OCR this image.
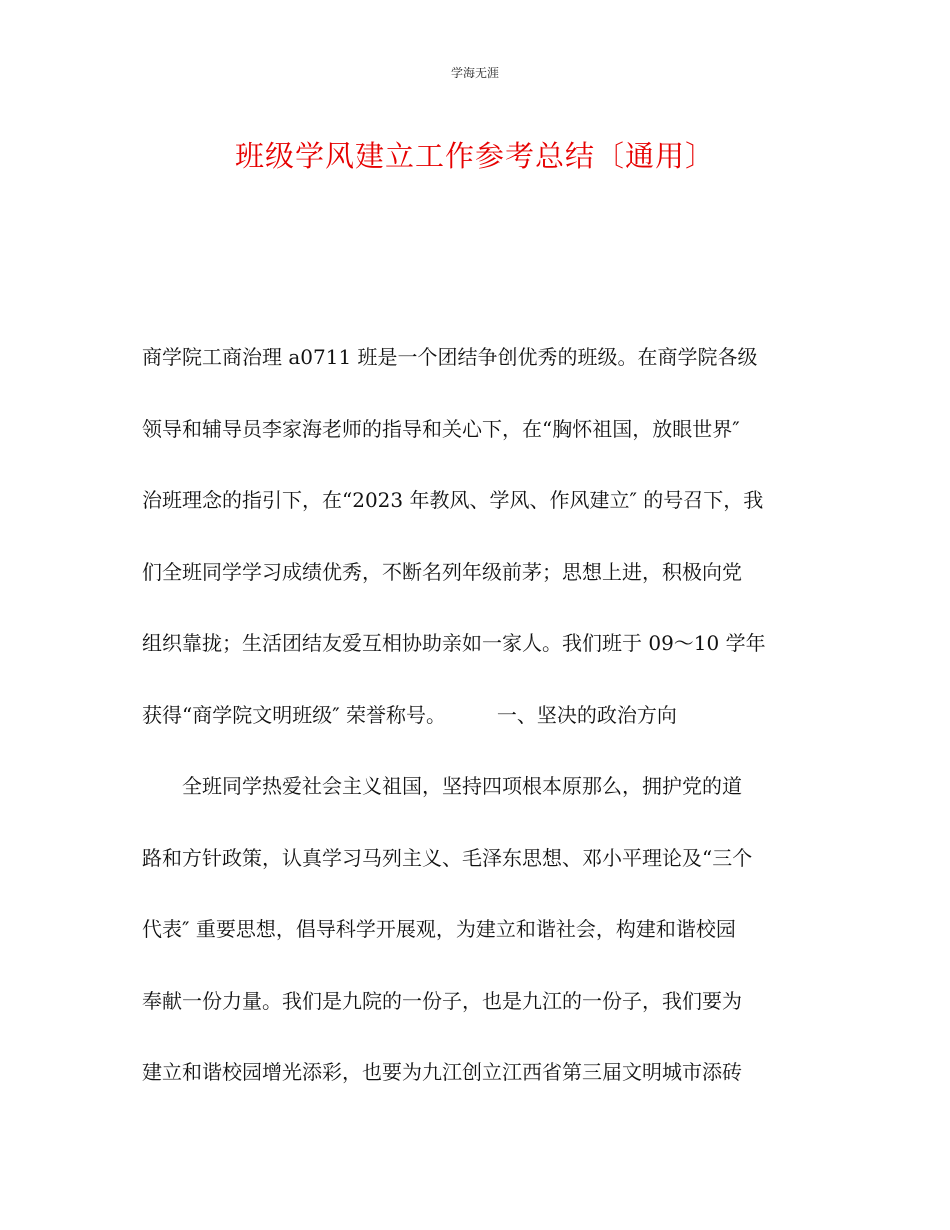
学海无涯
班级学风建立工作参考总结〔通用〕
商学院工商治理 a0711 班是一个团结争创优秀的班级。在商学院各级
领导和辅导员李家海老师的指导和关心下，在“胸怀祖国，放眼世界″
治班理念的指引下，在“2023 年教风、学风、作风建立″ 的号召下，我
们全班同学学习成绩优秀，不断名列年级前茅；思想上进，积极向党
组织靠拢；生活团结友爱互相协助亲如一家人。我们班于 09～10 学年
获得“商学院文明班级″ 荣誉称号。        一、坚决的政治方向
全班同学热爱社会主义祖国，坚持四项根本原那么，拥护党的道
路和方针政策，认真学习马列主义、毛泽东思想、邓小平理论及“三个
代表″ 重要思想，倡导科学开展观，为建立和谐社会，构建和谐校园
奉献一份力量。我们是九院的一份子，也是九江的一份子，我们要为
建立和谐校园增光添彩，也要为九江创立江西省第三届文明城市添砖
